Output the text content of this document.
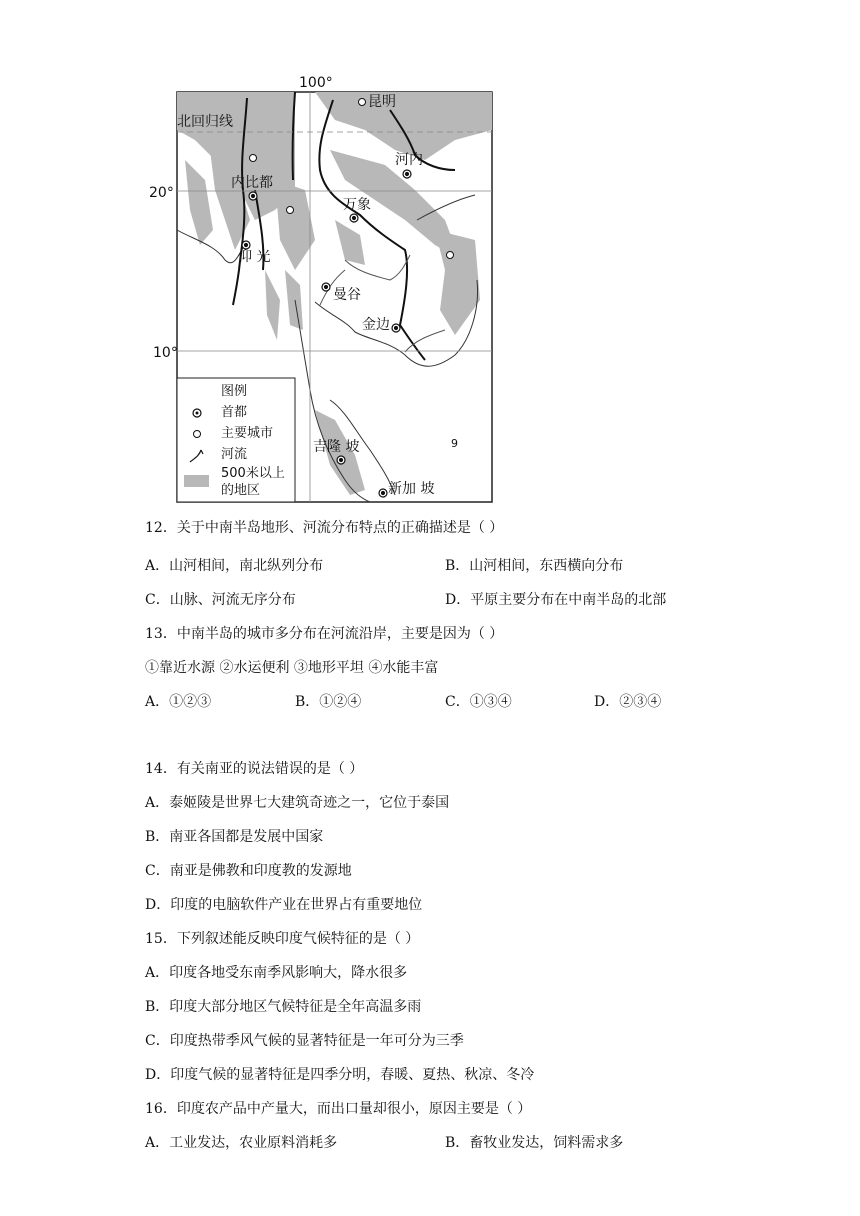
100°
北回归线
20°
10°
昆明
河内
内比都
万象
仰 光
曼谷
金边
吉隆 坡
新加 坡
9
图例
首都
主要城市
河流
500米以上
的地区
12．关于中南半岛地形、河流分布特点的正确描述是（ ）
A．山河相间，南北纵列分布	B．山河相间，东西横向分布
C．山脉、河流无序分布	D．平原主要分布在中南半岛的北部
13．中南半岛的城市多分布在河流沿岸，主要是因为（ ）
①靠近水源 ②水运便利 ③地形平坦 ④水能丰富
A．①②③	B．①②④	C．①③④	D．②③④
14．有关南亚的说法错误的是（ ）
A．泰姬陵是世界七大建筑奇迹之一，它位于泰国
B．南亚各国都是发展中国家
C．南亚是佛教和印度教的发源地
D．印度的电脑软件产业在世界占有重要地位
15．下列叙述能反映印度气候特征的是（ ）
A．印度各地受东南季风影响大，降水很多
B．印度大部分地区气候特征是全年高温多雨
C．印度热带季风气候的显著特征是一年可分为三季
D．印度气候的显著特征是四季分明，春暖、夏热、秋凉、冬冷
16．印度农产品中产量大，而出口量却很小，原因主要是（ ）
A．工业发达，农业原料消耗多	B．畜牧业发达，饲料需求多
